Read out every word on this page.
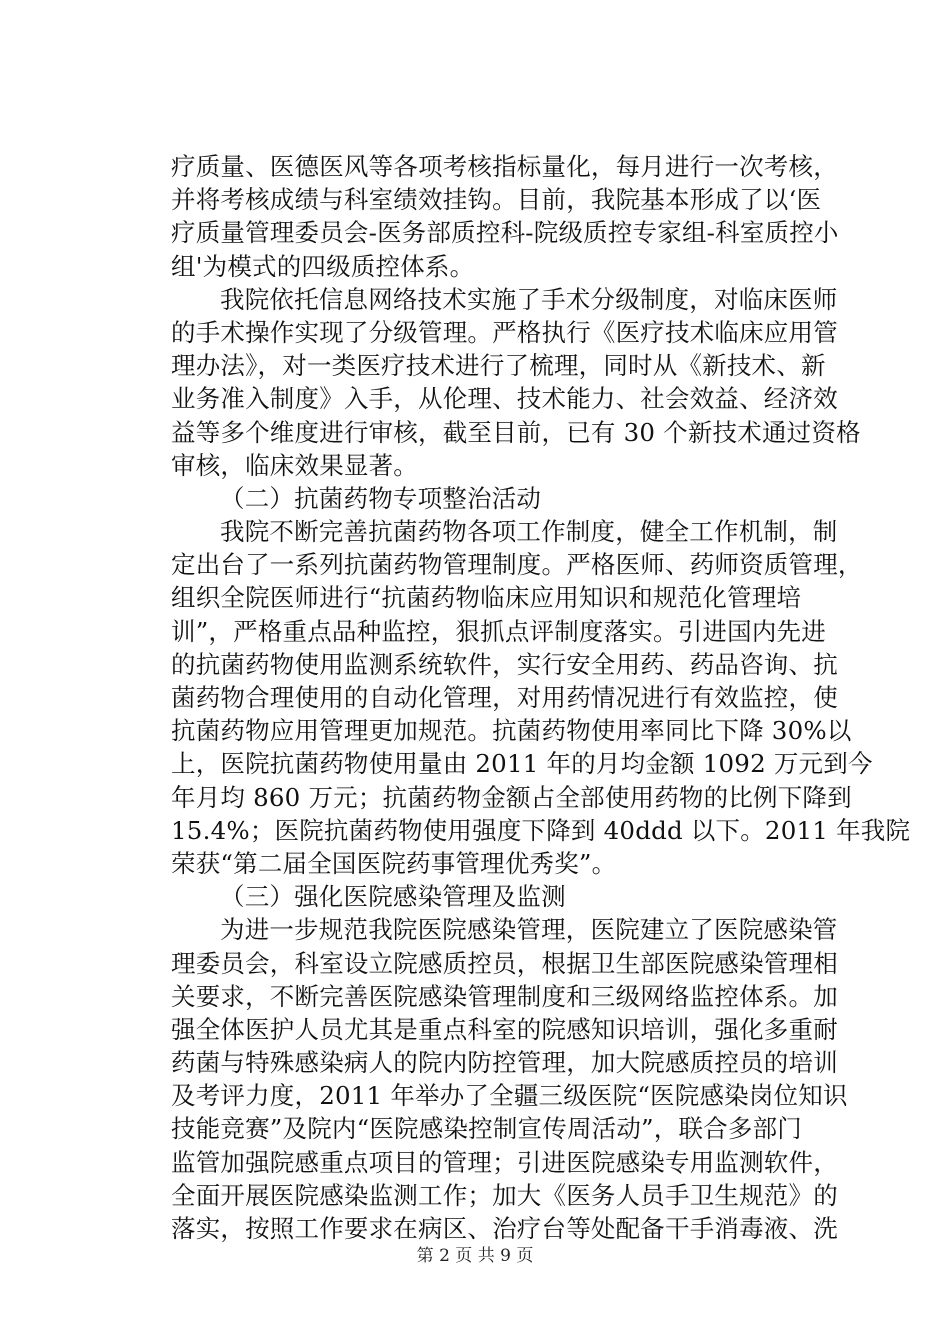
疗质量、医德医风等各项考核指标量化，每月进行一次考核，
并将考核成绩与科室绩效挂钩。目前，我院基本形成了以‘医
疗质量管理委员会-医务部质控科-院级质控专家组-科室质控小
组'为模式的四级质控体系。
我院依托信息网络技术实施了手术分级制度，对临床医师
的手术操作实现了分级管理。严格执行《医疗技术临床应用管
理办法》，对一类医疗技术进行了梳理，同时从《新技术、新
业务准入制度》入手，从伦理、技术能力、社会效益、经济效
益等多个维度进行审核，截至目前，已有 30 个新技术通过资格
审核，临床效果显著。
（二）抗菌药物专项整治活动
我院不断完善抗菌药物各项工作制度，健全工作机制，制
定出台了一系列抗菌药物管理制度。严格医师、药师资质管理，
组织全院医师进行“抗菌药物临床应用知识和规范化管理培
训”，严格重点品种监控，狠抓点评制度落实。引进国内先进
的抗菌药物使用监测系统软件，实行安全用药、药品咨询、抗
菌药物合理使用的自动化管理，对用药情况进行有效监控，使
抗菌药物应用管理更加规范。抗菌药物使用率同比下降 30%以
上，医院抗菌药物使用量由 2011 年的月均金额 1092 万元到今
年月均 860 万元；抗菌药物金额占全部使用药物的比例下降到
15.4%；医院抗菌药物使用强度下降到 40ddd 以下。2011 年我院
荣获“第二届全国医院药事管理优秀奖”。
（三）强化医院感染管理及监测
为进一步规范我院医院感染管理，医院建立了医院感染管
理委员会，科室设立院感质控员，根据卫生部医院感染管理相
关要求，不断完善医院感染管理制度和三级网络监控体系。加
强全体医护人员尤其是重点科室的院感知识培训，强化多重耐
药菌与特殊感染病人的院内防控管理，加大院感质控员的培训
及考评力度，2011 年举办了全疆三级医院“医院感染岗位知识
技能竞赛”及院内“医院感染控制宣传周活动”，联合多部门
监管加强院感重点项目的管理；引进医院感染专用监测软件，
全面开展医院感染监测工作；加大《医务人员手卫生规范》的
落实，按照工作要求在病区、治疗台等处配备干手消毒液、洗
第 2 页 共 9 页
